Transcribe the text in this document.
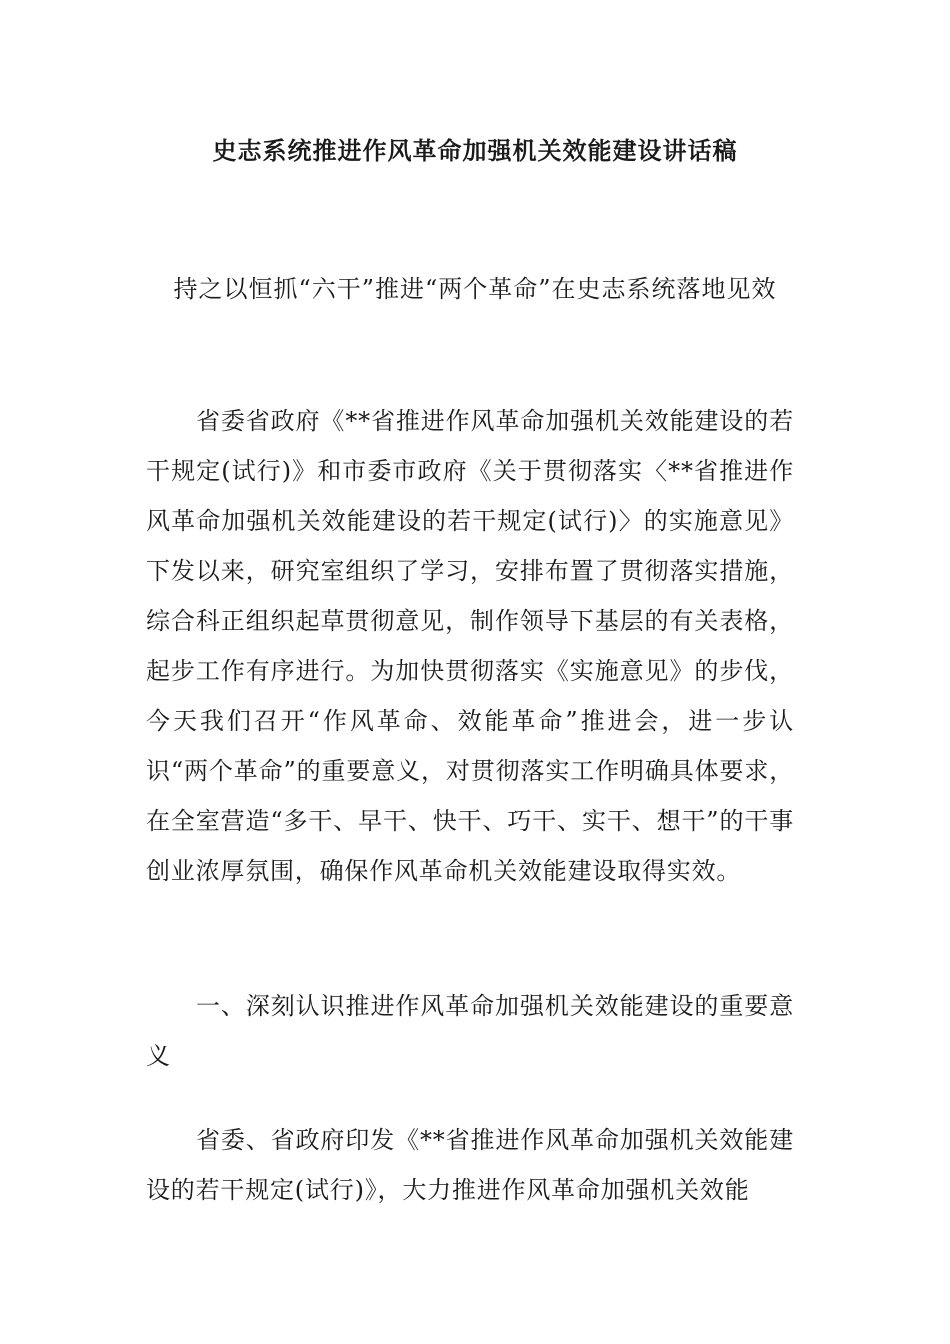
史志系统推进作风革命加强机关效能建设讲话稿

持之以恒抓“六干”推进“两个革命”在史志系统落地见效

省委省政府《**省推进作风革命加强机关效能建设的若干规定(试行)》和市委市政府《关于贯彻落实〈**省推进作风革命加强机关效能建设的若干规定(试行)〉的实施意见》下发以来，研究室组织了学习，安排布置了贯彻落实措施，综合科正组织起草贯彻意见，制作领导下基层的有关表格，起步工作有序进行。为加快贯彻落实《实施意见》的步伐，今天我们召开“作风革命、效能革命”推进会，进一步认识“两个革命”的重要意义，对贯彻落实工作明确具体要求，在全室营造“多干、早干、快干、巧干、实干、想干”的干事创业浓厚氛围，确保作风革命机关效能建设取得实效。

一、深刻认识推进作风革命加强机关效能建设的重要意义

省委、省政府印发《**省推进作风革命加强机关效能建设的若干规定(试行)》，大力推进作风革命加强机关效能
